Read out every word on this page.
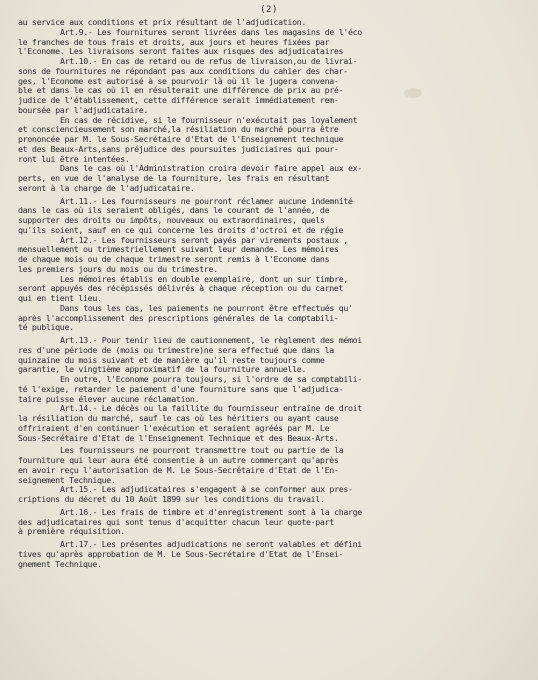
(2)
au service aux conditions et prix résultant de l'adjudication.
Art.9.- Les fournitures seront livrées dans les magasins de l'éco
le franches de tous frais et droits, aux jours et heures fixées par
l'Econome. Les livraisons seront faites aux risques des adjudicataires
Art.10.- En cas de retard ou de refus de livraison,ou de livrai-
sons de fournitures ne répondant pas aux conditions du cahier des char-
ges, l'Econome est autorisé à se pourvoir là où il le jugera convena-
ble et dans le cas où il en résulterait une différence de prix au pré-
judice de l'établissement, cette différence serait immédiatement rem-
boursée par l'adjudicataire.
En cas de récidive, si le fournisseur n'exécutait pas loyalement
et consciencieusement son marché,la résiliation du marché pourra être
prononcée par M. le Sous-Secrétaire d'Etat de l'Enseignement technique
et des Beaux-Arts,sans préjudice des poursuites judiciaires qui pour-
ront lui être intentées.
Dans le cas où l'Administration croira devoir faire appel aux ex-
perts, en vue de l'analyse de la fourniture, les frais en résultant
seront à la charge de l'adjudicataire.
Art.11.- Les fournisseurs ne pourront réclamer aucune indemnité
dans le cas où ils seraient obligés, dans le courant de l'année, de
supporter des droits ou impôts, nouveaux ou extraordinaires, quels
qu'ils soient, sauf en ce qui concerne les droits d'octroi et de régie
Art.12.- Les fournisseurs seront payés par virements postaux ,
mensuellement ou trimestriellement suivant leur demande. Les mémoires
de chaque mois ou de chaque trimestre seront remis à l'Econome dans
les premiers jours du mois ou du trimestre.
Les mémoires établis en double exemplaire, dont un sur timbre,
seront appuyés des récépissés délivrés à chaque réception ou du carnet
qui en tient lieu.
Dans tous les cas, les paiements ne pourront être effectués qu'
après l'accomplissement des prescriptions générales de la comptabili-
té publique.
Art.13.- Pour tenir lieu de cautionnement, le règlement des mémoi
res d'une période de (mois ou trimestre)ne sera effectué que dans la
quinzaine du mois suivant et de manière qu'il reste toujours comme
garantie, le vingtième approximatif de la fourniture annuelle.
En outre, l'Econome pourra toujours, si l'ordre de sa comptabili-
té l'exige, retarder le paiement d'une fourniture sans que l'adjudica-
taire puisse élever aucune réclamation.
Art.14.- Le décès ou la faillite du fournisseur entraîne de droit
la résiliation du marché, sauf le cas où les héritiers ou ayant cause
offriraient d'en continuer l'exécution et seraient agréés par M. Le
Sous-Secrétaire d'Etat de l'Enseignement Technique et des Beaux-Arts.
Les fournisseurs ne pourront transmettre tout ou partie de la
fourniture qui leur aura été consentie à un autre commerçant qu'après
en avoir reçu l'autorisation de M. Le Sous-Secrétaire d'Etat de l'En-
seignement Technique.
Art.15.- Les adjudicataires s'engagent à se conformer aux pres-
criptions du décret du 10 Août 1899 sur les conditions du travail.
Art.16.- Les frais de timbre et d'enregistrement sont à la charge
des adjudicataires qui sont tenus d'acquitter chacun leur quote-part
à première réquisition.
Art.17.- Les présentes adjudications ne seront valables et défini
tives qu'après approbation de M. Le Sous-Secrétaire d'Etat de l'Ensei-
gnement Technique.
